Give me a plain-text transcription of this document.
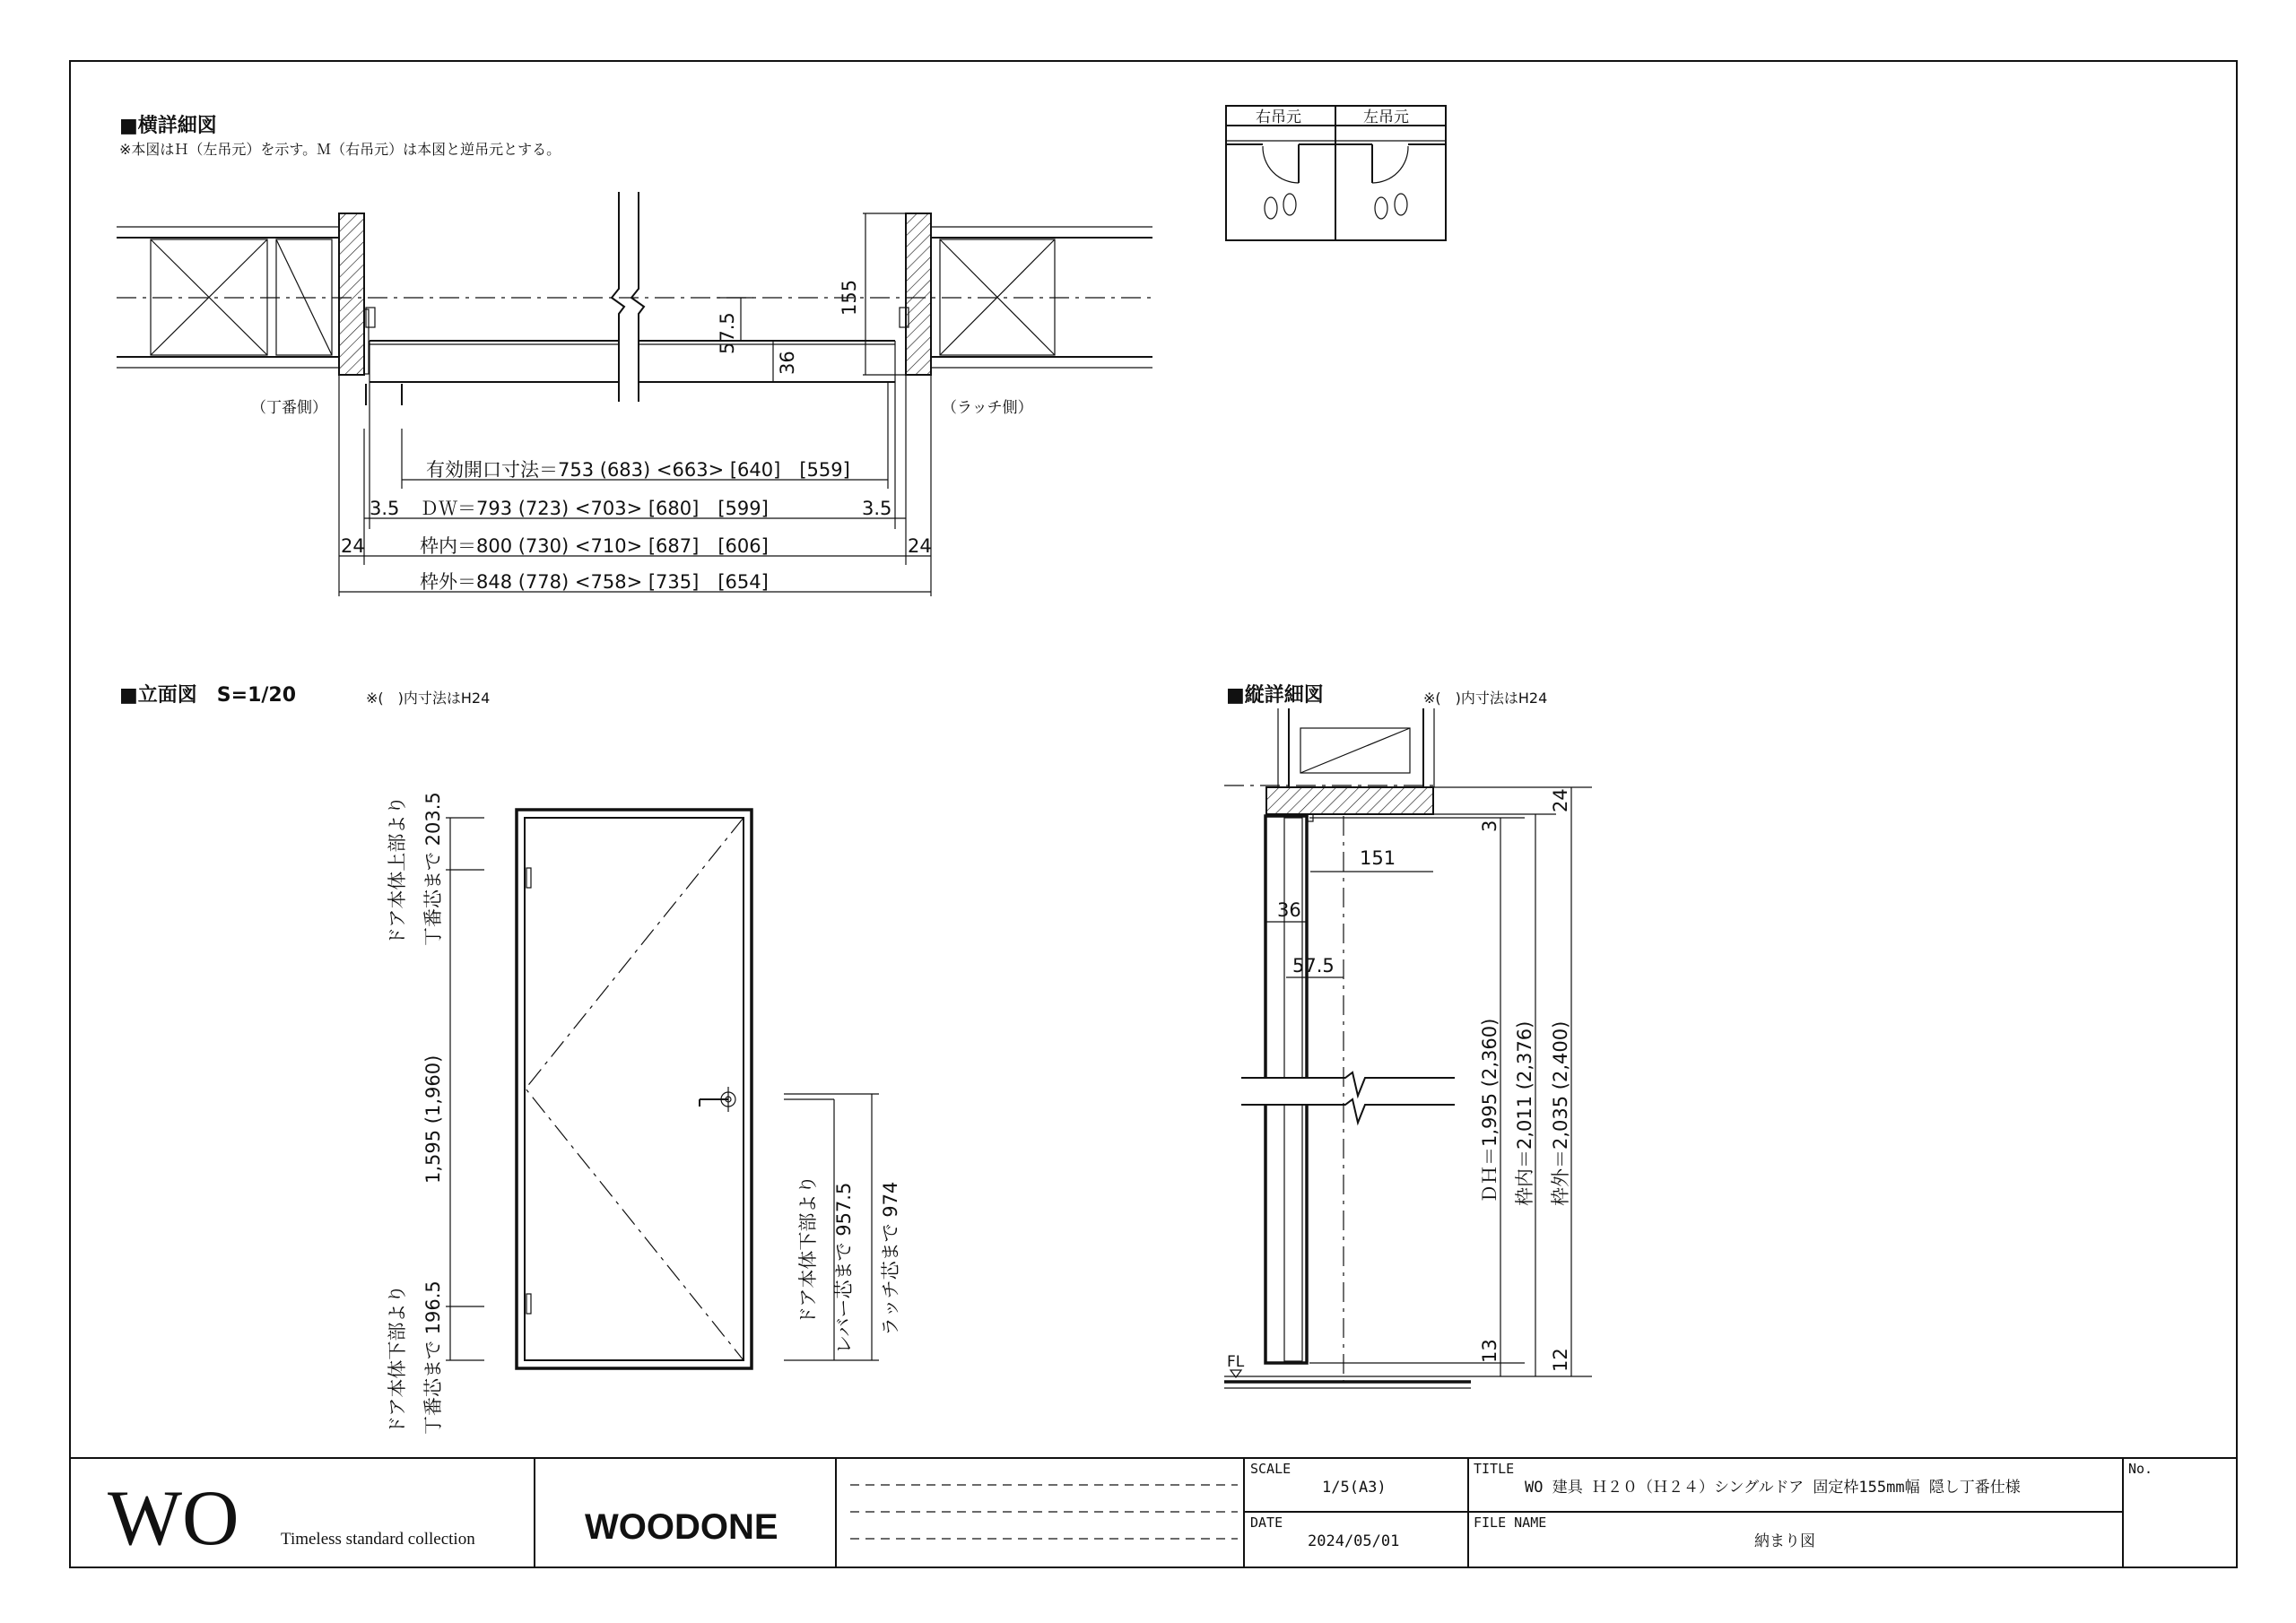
■横詳細図
※本図はＨ（左吊元）を示す。Ｍ（右吊元）は本図と逆吊元とする。
155
57.5
36
（丁番側）	（ラッチ側）
有効開口寸法＝753 (683) <663> [640]　[559]
3.5 ＤＷ＝793 (723) <703> [680]　[599]	3.5
24	枠内＝800 (730) <710> [687]　[606]	24
枠外＝848 (778) <758> [735]　[654]
右吊元	左吊元
■立面図　S=1/20	※(　)内寸法はH24
ドア本体上部より 丁番芯まで 203.5
1,595 (1,960)
ドア本体下部より 丁番芯まで 196.5
ドア本体下部より レバー芯まで 957.5 ラッチ芯まで 974
■縦詳細図	※(　)内寸法はH24
FL
151
36
57.5
3
24
ＤＨ＝1,995 (2,360) 枠内＝2,011 (2,376) 枠外＝2,035 (2,400)
13	12
WO Timeless standard collection	WOODONE
SCALE
1/5(A3)
DATE
2024/05/01
TITLE
WO 建具 Ｈ２０（Ｈ２４）シングルドア 固定枠155mm幅 隠し丁番仕様
FILE NAME
納まり図
No.
